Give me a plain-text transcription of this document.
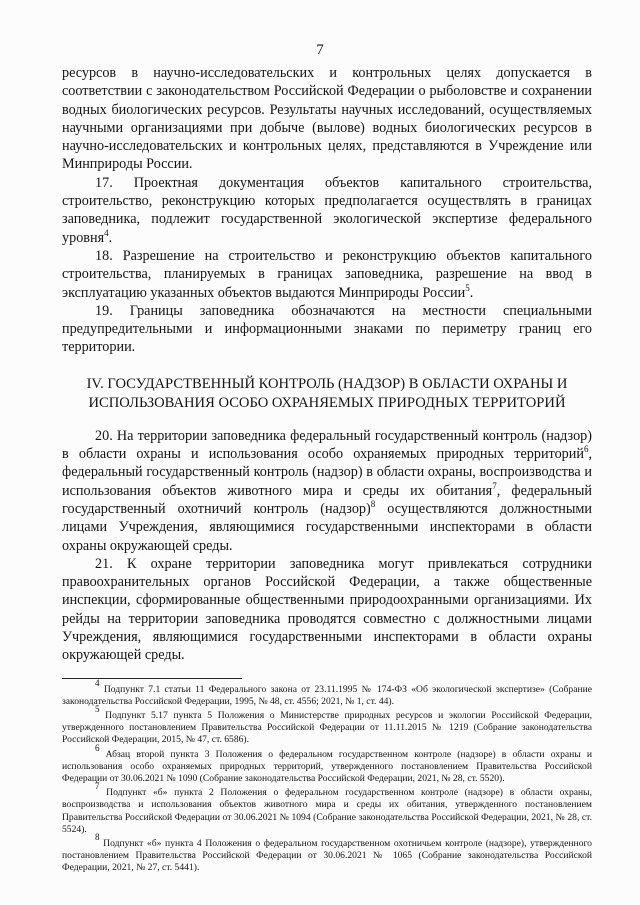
7

ресурсов в научно-исследовательских и контрольных целях допускается в соответствии с законодательством Российской Федерации о рыболовстве и сохранении водных биологических ресурсов. Результаты научных исследований, осуществляемых научными организациями при добыче (вылове) водных биологических ресурсов в научно-исследовательских и контрольных целях, представляются в Учреждение или Минприроды России.

17. Проектная документация объектов капитального строительства, строительство, реконструкцию которых предполагается осуществлять в границах заповедника, подлежит государственной экологической экспертизе федерального уровня$^4$.

18. Разрешение на строительство и реконструкцию объектов капитального строительства, планируемых в границах заповедника, разрешение на ввод в эксплуатацию указанных объектов выдаются Минприроды России$^5$.

19. Границы заповедника обозначаются на местности специальными предупредительными и информационными знаками по периметру границ его территории.

IV. ГОСУДАРСТВЕННЫЙ КОНТРОЛЬ (НАДЗОР) В ОБЛАСТИ ОХРАНЫ И ИСПОЛЬЗОВАНИЯ ОСОБО ОХРАНЯЕМЫХ ПРИРОДНЫХ ТЕРРИТОРИЙ

20. На территории заповедника федеральный государственный контроль (надзор) в области охраны и использования особо охраняемых природных территорий$^6$, федеральный государственный контроль (надзор) в области охраны, воспроизводства и использования объектов животного мира и среды их обитания$^7$, федеральный государственный охотничий контроль (надзор)$^8$ осуществляются должностными лицами Учреждения, являющимися государственными инспекторами в области охраны окружающей среды.

21. К охране территории заповедника могут привлекаться сотрудники правоохранительных органов Российской Федерации, а также общественные инспекции, сформированные общественными природоохранными организациями. Их рейды на территории заповедника проводятся совместно с должностными лицами Учреждения, являющимися государственными инспекторами в области охраны окружающей среды.

$^4$ Подпункт 7.1 статьи 11 Федерального закона от 23.11.1995 № 174-ФЗ «Об экологической экспертизе» (Собрание законодательства Российской Федерации, 1995, № 48, ст. 4556; 2021, № 1, ст. 44).

$^5$ Подпункт 5.17 пункта 5 Положения о Министерстве природных ресурсов и экологии Российской Федерации, утвержденного постановлением Правительства Российской Федерации от 11.11.2015 № 1219 (Собрание законодательства Российской Федерации, 2015, № 47, ст. 6586).

$^6$ Абзац второй пункта 3 Положения о федеральном государственном контроле (надзоре) в области охраны и использования особо охраняемых природных территорий, утвержденного постановлением Правительства Российской Федерации от 30.06.2021 № 1090 (Собрание законодательства Российской Федерации, 2021, № 28, ст. 5520).

$^7$ Подпункт «б» пункта 2 Положения о федеральном государственном контроле (надзоре) в области охраны, воспроизводства и использования объектов животного мира и среды их обитания, утвержденного постановлением Правительства Российской Федерации от 30.06.2021 № 1094 (Собрание законодательства Российской Федерации, 2021, № 28, ст. 5524).

$^8$ Подпункт «б» пункта 4 Положения о федеральном государственном охотничьем контроле (надзоре), утвержденного постановлением Правительства Российской Федерации от 30.06.2021 № 1065 (Собрание законодательства Российской Федерации, 2021, № 27, ст. 5441).
